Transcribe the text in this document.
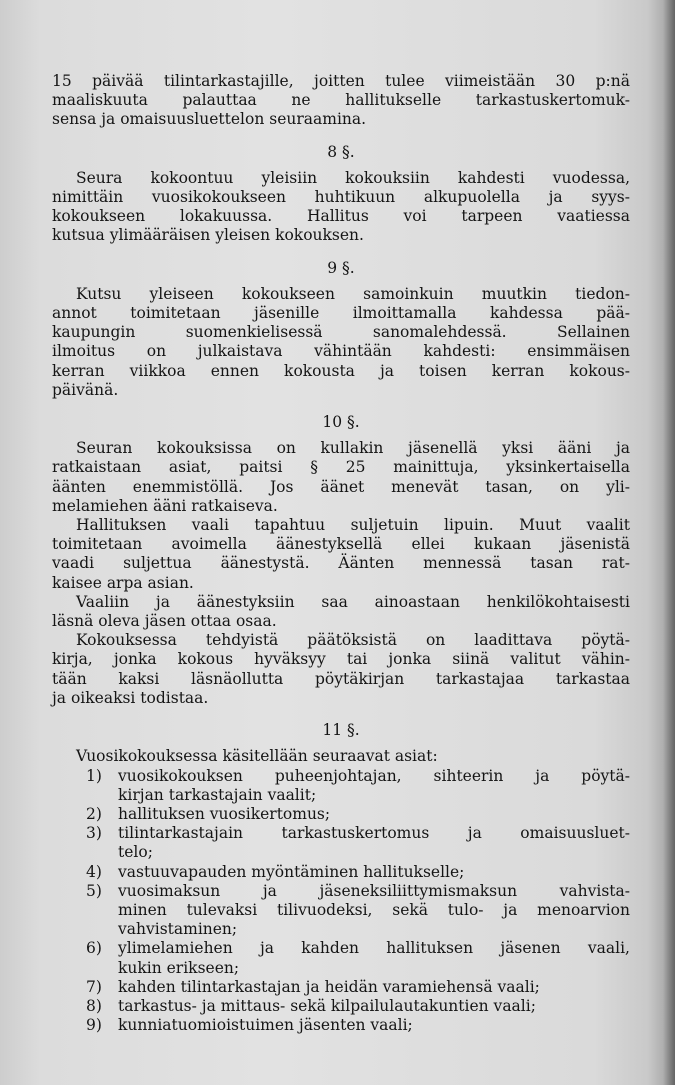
15 päivää tilintarkastajille, joitten tulee viimeistään 30 p:nä
maaliskuuta palauttaa ne hallitukselle tarkastuskertomuk-
sensa ja omaisuusluettelon seuraamina.

8 §.

Seura kokoontuu yleisiin kokouksiin kahdesti vuodessa,
nimittäin vuosikokoukseen huhtikuun alkupuolella ja syys-
kokoukseen lokakuussa. Hallitus voi tarpeen vaatiessa
kutsua ylimääräisen yleisen kokouksen.

9 §.

Kutsu yleiseen kokoukseen samoinkuin muutkin tiedon-
annot toimitetaan jäsenille ilmoittamalla kahdessa pää-
kaupungin suomenkielisessä sanomalehdessä. Sellainen
ilmoitus on julkaistava vähintään kahdesti: ensimmäisen
kerran viikkoa ennen kokousta ja toisen kerran kokous-
päivänä.

10 §.

Seuran kokouksissa on kullakin jäsenellä yksi ääni ja
ratkaistaan asiat, paitsi § 25 mainittuja, yksinkertaisella
äänten enemmistöllä. Jos äänet menevät tasan, on yli-
melamiehen ääni ratkaiseva.

Hallituksen vaali tapahtuu suljetuin lipuin. Muut vaalit
toimitetaan avoimella äänestyksellä ellei kukaan jäsenistä
vaadi suljettua äänestystä. Äänten mennessä tasan rat-
kaisee arpa asian.

Vaaliin ja äänestyksiin saa ainoastaan henkilökohtaisesti
läsnä oleva jäsen ottaa osaa.

Kokouksessa tehdyistä päätöksistä on laadittava pöytä-
kirja, jonka kokous hyväksyy tai jonka siinä valitut vähin-
tään kaksi läsnäollutta pöytäkirjan tarkastajaa tarkastaa
ja oikeaksi todistaa.

11 §.

Vuosikokouksessa käsitellään seuraavat asiat:

1) vuosikokouksen puheenjohtajan, sihteerin ja pöytä-
kirjan tarkastajain vaalit;
2) hallituksen vuosikertomus;
3) tilintarkastajain tarkastuskertomus ja omaisuusluet-
telo;
4) vastuuvapauden myöntäminen hallitukselle;
5) vuosimaksun ja jäseneksiliittymismaksun vahvista-
minen tulevaksi tilivuodeksi, sekä tulo- ja menoarvion
vahvistaminen;
6) ylimelamiehen ja kahden hallituksen jäsenen vaali,
kukin erikseen;
7) kahden tilintarkastajan ja heidän varamiehensä vaali;
8) tarkastus- ja mittaus- sekä kilpailulautakuntien vaali;
9) kunniatuomioistuimen jäsenten vaali;
